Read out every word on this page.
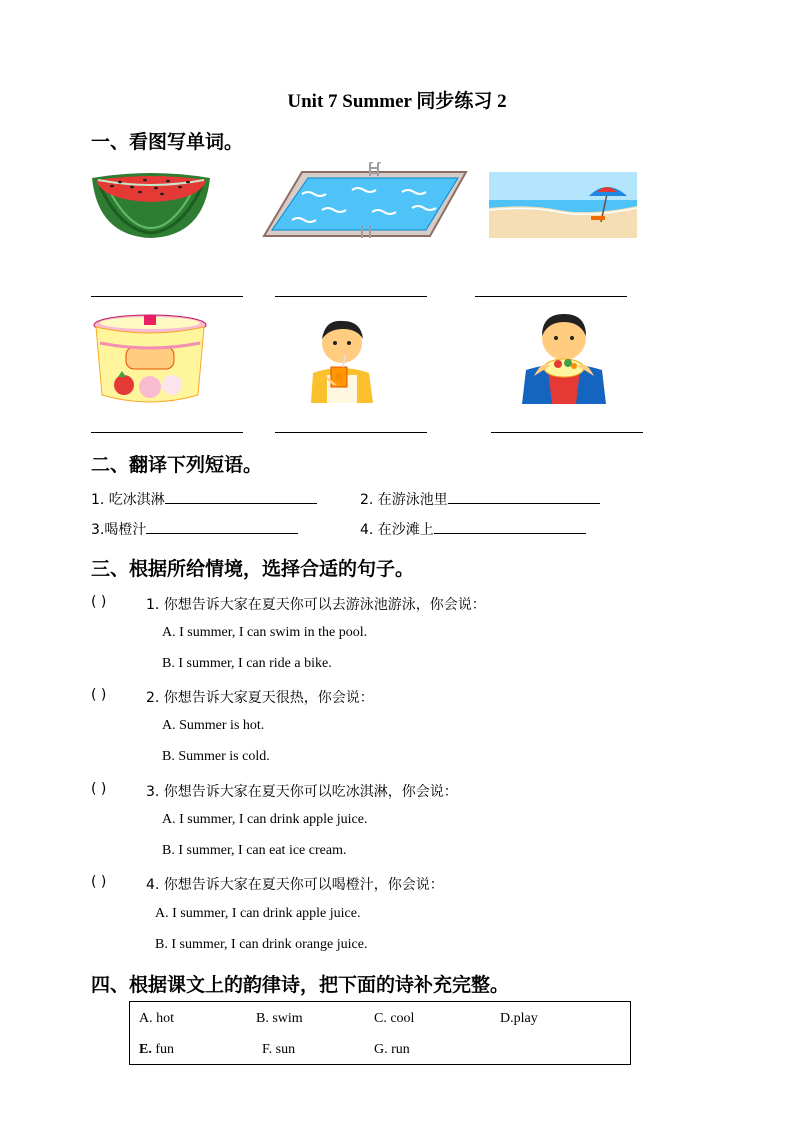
Unit 7 Summer 同步练习 2
一、看图写单词。
二、翻译下列短语。
1. 吃冰淇淋	2. 在游泳池里
3.喝橙汁	4. 在沙滩上
三、根据所给情境，选择合适的句子。
( )	1. 你想告诉大家在夏天你可以去游泳池游泳，你会说：
A. I summer, I can swim in the pool.
B. I summer, I can ride a bike.
( )	2. 你想告诉大家夏天很热，你会说：
A. Summer is hot.
B. Summer is cold.
( )	3. 你想告诉大家在夏天你可以吃冰淇淋，你会说：
A. I summer, I can drink apple juice.
B. I summer, I can eat ice cream.
( )	4. 你想告诉大家在夏天你可以喝橙汁，你会说：
A. I summer, I can drink apple juice.
B. I summer, I can drink orange juice.
四、根据课文上的韵律诗，把下面的诗补充完整。
A. hot	B. swim	C. cool	D.play
E. fun	F. sun	G. run
